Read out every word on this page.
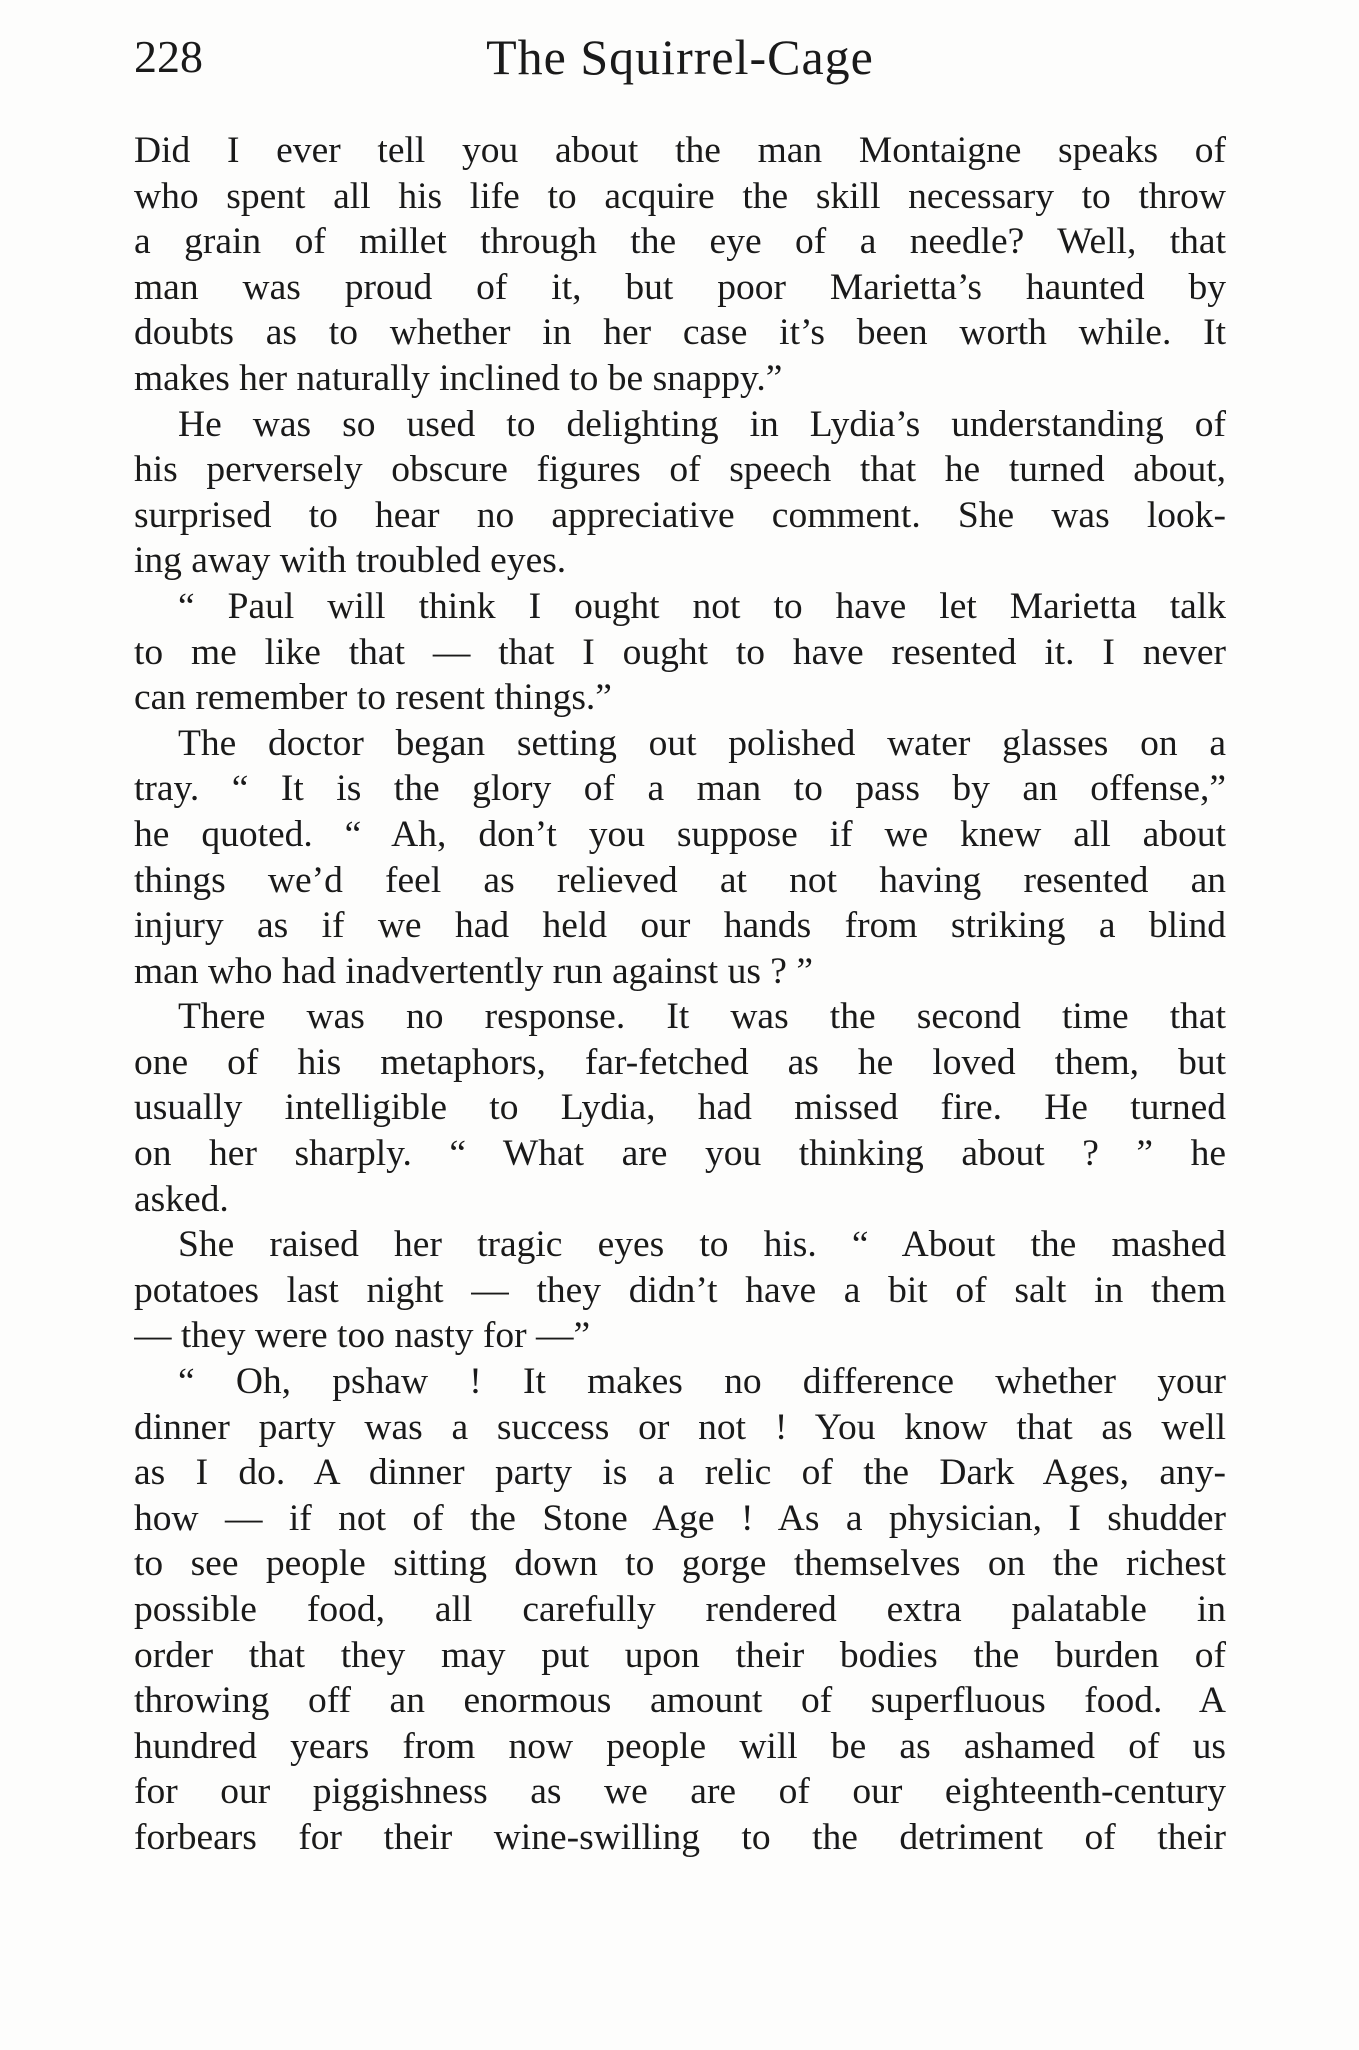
228	The Squirrel-Cage
Did I ever tell you about the man Montaigne speaks of
who spent all his life to acquire the skill necessary to throw
a grain of millet through the eye of a needle? Well, that
man was proud of it, but poor Marietta’s haunted by
doubts as to whether in her case it’s been worth while. It
makes her naturally inclined to be snappy.”
He was so used to delighting in Lydia’s understanding of
his perversely obscure figures of speech that he turned about,
surprised to hear no appreciative comment. She was look-
ing away with troubled eyes.
“ Paul will think I ought not to have let Marietta talk
to me like that — that I ought to have resented it. I never
can remember to resent things.”
The doctor began setting out polished water glasses on a
tray. “ It is the glory of a man to pass by an offense,”
he quoted. “ Ah, don’t you suppose if we knew all about
things we’d feel as relieved at not having resented an
injury as if we had held our hands from striking a blind
man who had inadvertently run against us ? ”
There was no response. It was the second time that
one of his metaphors, far-fetched as he loved them, but
usually intelligible to Lydia, had missed fire. He turned
on her sharply. “ What are you thinking about ? ” he
asked.
She raised her tragic eyes to his. “ About the mashed
potatoes last night — they didn’t have a bit of salt in them
— they were too nasty for —”
“ Oh, pshaw ! It makes no difference whether your
dinner party was a success or not ! You know that as well
as I do. A dinner party is a relic of the Dark Ages, any-
how — if not of the Stone Age ! As a physician, I shudder
to see people sitting down to gorge themselves on the richest
possible food, all carefully rendered extra palatable in
order that they may put upon their bodies the burden of
throwing off an enormous amount of superfluous food. A
hundred years from now people will be as ashamed of us
for our piggishness as we are of our eighteenth-century
forbears for their wine-swilling to the detriment of their
